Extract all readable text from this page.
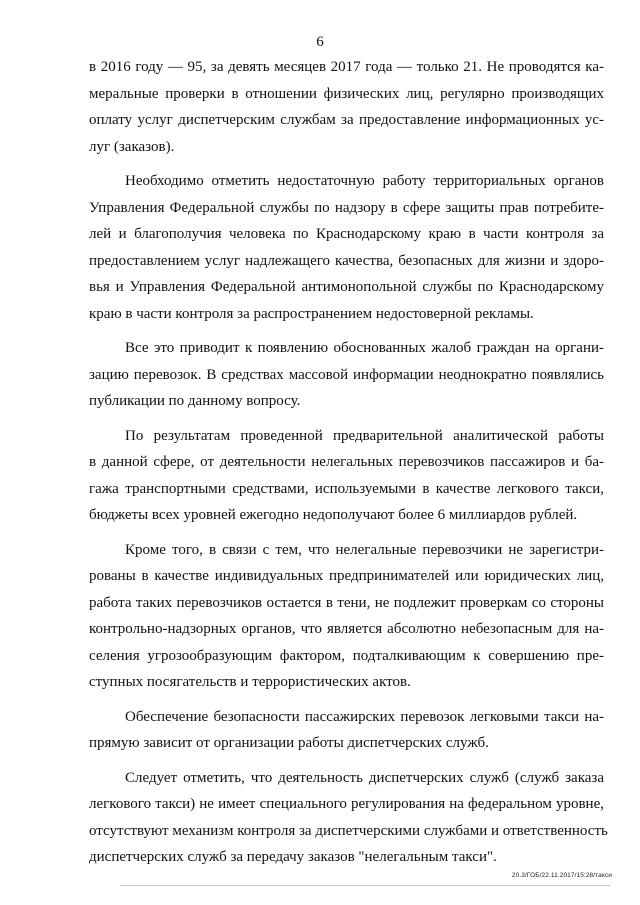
6
в 2016 году — 95, за девять месяцев 2017 года — только 21. Не проводятся ка-
меральные проверки в отношении физических лиц, регулярно производящих
оплату услуг диспетчерским службам за предоставление информационных ус-
луг (заказов).
Необходимо отметить недостаточную работу территориальных органов
Управления Федеральной службы по надзору в сфере защиты прав потребите-
лей и благополучия человека по Краснодарскому краю в части контроля за
предоставлением услуг надлежащего качества, безопасных для жизни и здоро-
вья и Управления Федеральной антимонопольной службы по Краснодарскому
краю в части контроля за распространением недостоверной рекламы.
Все это приводит к появлению обоснованных жалоб граждан на органи-
зацию перевозок. В средствах массовой информации неоднократно появлялись
публикации по данному вопросу.
По результатам проведенной предварительной аналитической работы
в данной сфере, от деятельности нелегальных перевозчиков пассажиров и ба-
гажа транспортными средствами, используемыми в качестве легкового такси,
бюджеты всех уровней ежегодно недополучают более 6 миллиардов рублей.
Кроме того, в связи с тем, что нелегальные перевозчики не зарегистри-
рованы в качестве индивидуальных предпринимателей или юридических лиц,
работа таких перевозчиков остается в тени, не подлежит проверкам со стороны
контрольно-надзорных органов, что является абсолютно небезопасным для на-
селения угрозообразующим фактором, подталкивающим к совершению пре-
ступных посягательств и террористических актов.
Обеспечение безопасности пассажирских перевозок легковыми такси на-
прямую зависит от организации работы диспетчерских служб.
Следует отметить, что деятельность диспетчерских служб (служб заказа
легкового такси) не имеет специального регулирования на федеральном уровне,
отсутствуют механизм контроля за диспетчерскими службами и ответственность
диспетчерских служб за передачу заказов "нелегальным такси".
20.3/ГОБ/22.11.2017/15:28/такси
